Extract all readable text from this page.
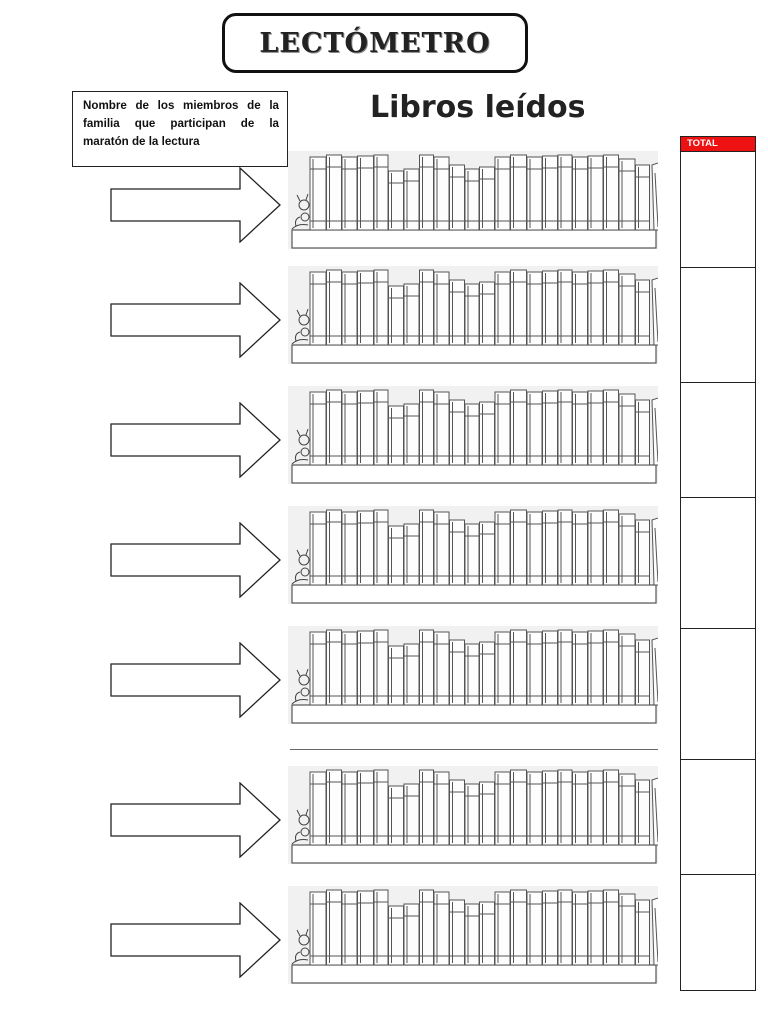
LECTÓMETRO
Nombre de los miembros de la familia que participan de la maratón de la lectura
Libros leídos
TOTAL
